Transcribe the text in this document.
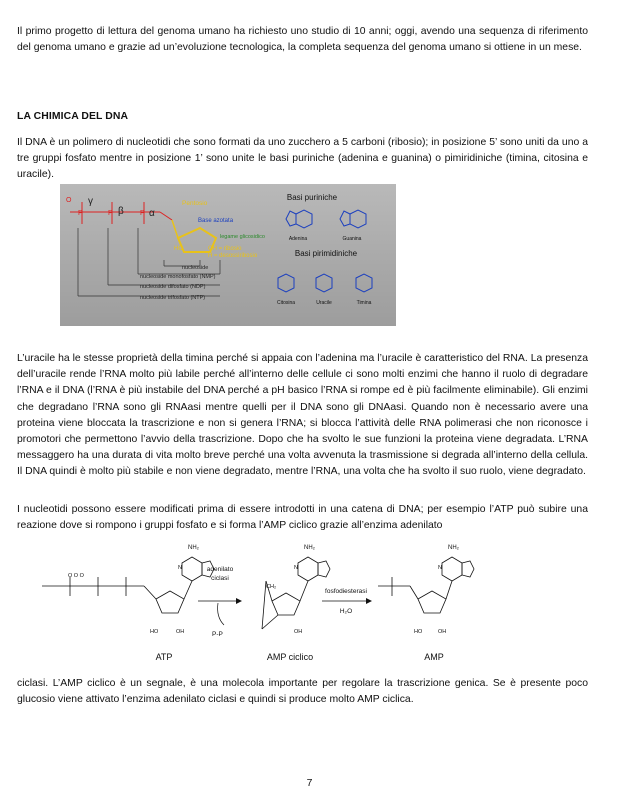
Il primo progetto di lettura del genoma umano ha richiesto uno studio di 10 anni; oggi, avendo una sequenza di riferimento del genoma umano e grazie ad un’evoluzione tecnologica, la completa sequenza del genoma umano si ottiene in un mese.

LA CHIMICA DEL DNA

Il DNA è un polimero di nucleotidi che sono formati da uno zucchero a 5 carboni (ribosio); in posizione 5’ sono uniti da uno a tre gruppi fosfato mentre in posizione 1’ sono unite le basi puriniche (adenina e guanina) o pimiridiniche (timina, citosina e uracile).

O
P	P	P
γ
β	α
Pentosio
Base azotata
legame glicosidico
OH = ribosio
H = desossiribosio
HO
nucleoside
nucleoside monofosfato (NMP)
nucleoside difosfato (NDP)
nucleoside trifosfato (NTP)
Basi puriniche
Adenina	Guanina
Basi pirimidiniche
Citosina	Uracile	Timina

L’uracile ha le stesse proprietà della timina perché si appaia con l’adenina ma l’uracile è caratteristico del RNA. La presenza dell’uracile rende l’RNA molto più labile perché all’interno delle cellule ci sono molti enzimi che hanno il ruolo di degradare l’RNA e il DNA (l’RNA è più instabile del DNA perché a pH basico l’RNA si rompe ed è più facilmente eliminabile). Gli enzimi che degradano l’RNA sono gli RNAasi mentre quelli per il DNA sono gli DNAasi. Quando non è necessario avere una proteina viene bloccata la trascrizione e non si genera l’RNA; si blocca l’attività delle RNA polimerasi che non riconosce i promotori che permettono l’avvio della trascrizione. Dopo che ha svolto le sue funzioni la proteina viene degradata. L’RNA messaggero ha una durata di vita molto breve perché una volta avvenuta la trasmissione si degrada all’interno della cellula. Il DNA quindi è molto più stabile e non viene degradato, mentre l’RNA, una volta che ha svolto il suo ruolo, viene degradato.

I nucleotidi possono essere modificati prima di essere introdotti in una catena di DNA; per esempio l’ATP può subire una reazione dove si rompono i gruppi fosfato e si forma l’AMP ciclico grazie all’enzima adenilato

O O O
NH₂
N
HO	OH
ATP
adenilato
ciclasi
P-P
CH₂
NH₂
N
OH
AMP ciclico
fosfodiesterasi
H₂O
NH₂
N
HO	OH
AMP

ciclasi. L’AMP ciclico è un segnale, è una molecola importante per regolare la trascrizione genica. Se è presente poco glucosio viene attivato l’enzima adenilato ciclasi e quindi si produce molto AMP ciclica.

7
